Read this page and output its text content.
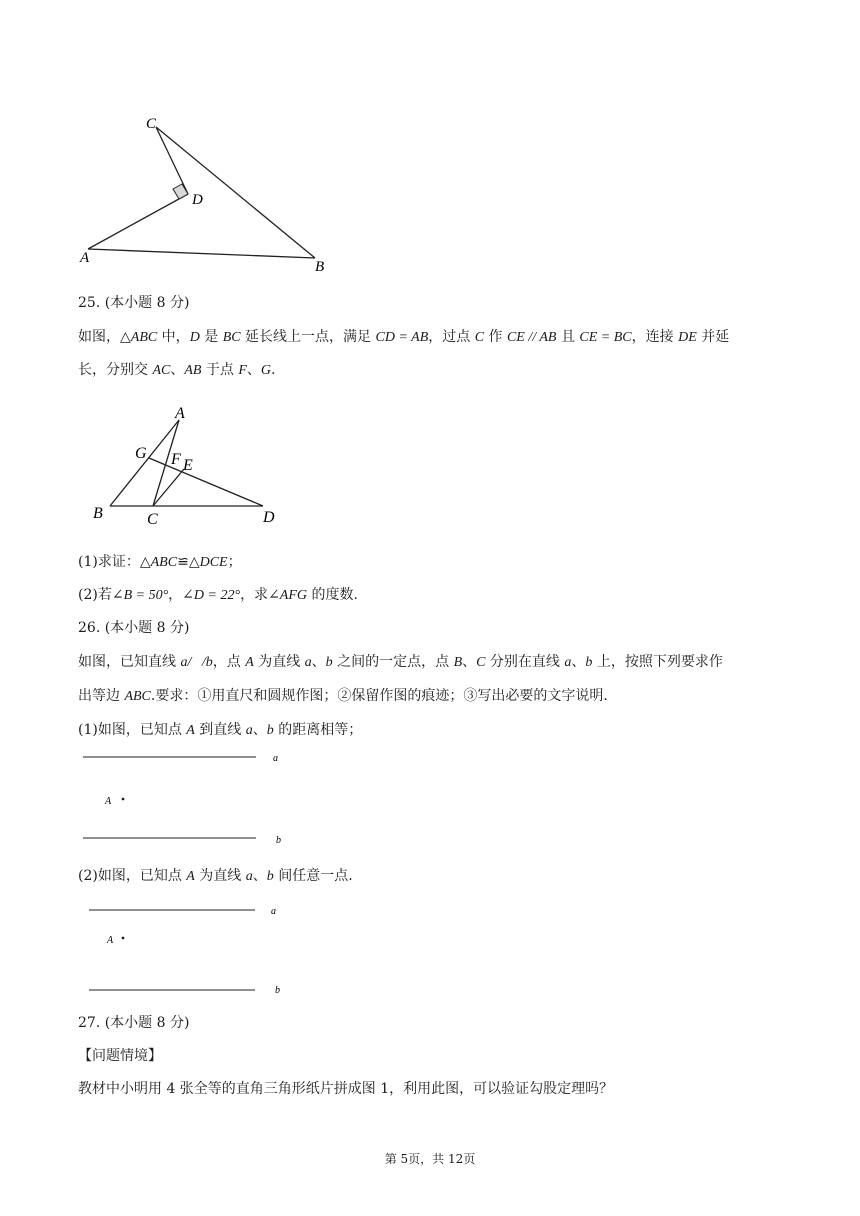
C
D
A
B
25. (本小题 8 分)
如图，△ABC 中，D 是 BC 延长线上一点，满足 CD = AB，过点 C 作 CE // AB 且 CE = BC，连接 DE 并延
长，分别交 AC、AB 于点 F、G.
A
G F E
B	C	D
(1)求证：△ABC≌△DCE；
(2)若∠B = 50°，∠D = 22°，求∠AFG 的度数.
26. (本小题 8 分)
如图，已知直线 a/   /b，点 A 为直线 a、b 之间的一定点，点 B、C 分别在直线 a、b 上，按照下列要求作
出等边 ABC.要求：①用直尺和圆规作图；②保留作图的痕迹；③写出必要的文字说明.
(1)如图，已知点 A 到直线 a、b 的距离相等；
a
A
b
(2)如图，已知点 A 为直线 a、b 间任意一点.
a
A
b
27. (本小题 8 分)
【问题情境】
教材中小明用 4 张全等的直角三角形纸片拼成图 1，利用此图，可以验证勾股定理吗？
第 5页，共 12页
